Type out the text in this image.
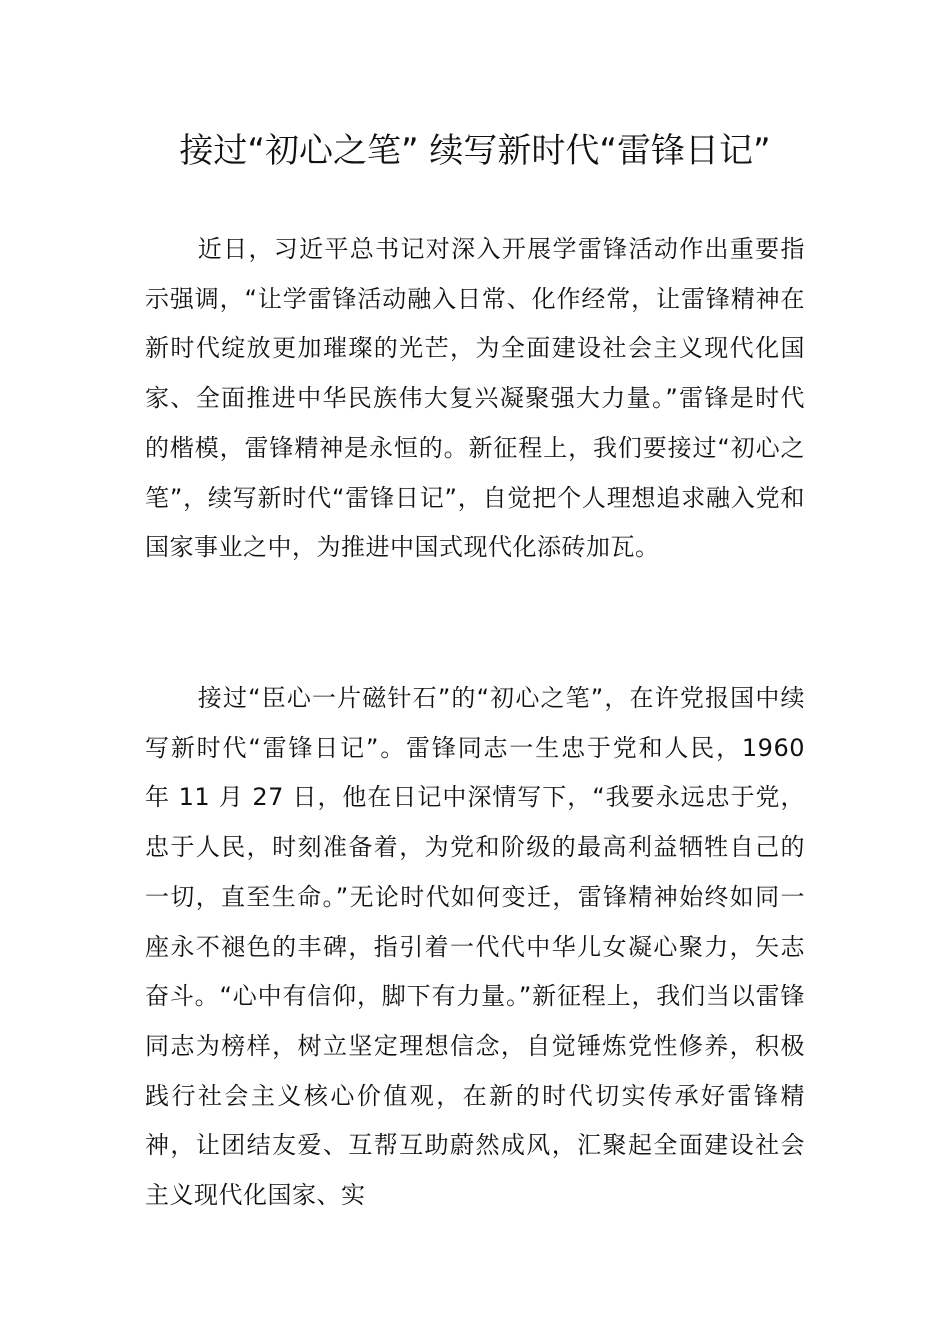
接过“初心之笔” 续写新时代“雷锋日记”

近日，习近平总书记对深入开展学雷锋活动作出重要指示强调，“让学雷锋活动融入日常、化作经常，让雷锋精神在新时代绽放更加璀璨的光芒，为全面建设社会主义现代化国家、全面推进中华民族伟大复兴凝聚强大力量。”雷锋是时代的楷模，雷锋精神是永恒的。新征程上，我们要接过“初心之笔”，续写新时代“雷锋日记”，自觉把个人理想追求融入党和国家事业之中，为推进中国式现代化添砖加瓦。

接过“臣心一片磁针石”的“初心之笔”，在许党报国中续写新时代“雷锋日记”。雷锋同志一生忠于党和人民，1960 年 11 月 27 日，他在日记中深情写下，“我要永远忠于党，忠于人民，时刻准备着，为党和阶级的最高利益牺牲自己的一切，直至生命。”无论时代如何变迁，雷锋精神始终如同一座永不褪色的丰碑，指引着一代代中华儿女凝心聚力，矢志奋斗。“心中有信仰，脚下有力量。”新征程上，我们当以雷锋同志为榜样，树立坚定理想信念，自觉锤炼党性修养，积极践行社会主义核心价值观，在新的时代切实传承好雷锋精神，让团结友爱、互帮互助蔚然成风，汇聚起全面建设社会主义现代化国家、实
